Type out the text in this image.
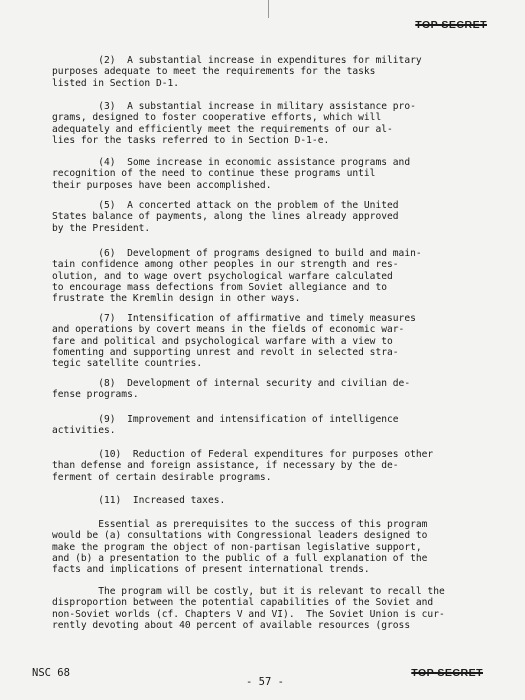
TOP SECRET

(2)  A substantial increase in expenditures for military
purposes adequate to meet the requirements for the tasks
listed in Section D-1.

(3)  A substantial increase in military assistance pro-
grams, designed to foster cooperative efforts, which will
adequately and efficiently meet the requirements of our al-
lies for the tasks referred to in Section D-1-e.

(4)  Some increase in economic assistance programs and
recognition of the need to continue these programs until
their purposes have been accomplished.

(5)  A concerted attack on the problem of the United
States balance of payments, along the lines already approved
by the President.

(6)  Development of programs designed to build and main-
tain confidence among other peoples in our strength and res-
olution, and to wage overt psychological warfare calculated
to encourage mass defections from Soviet allegiance and to
frustrate the Kremlin design in other ways.

(7)  Intensification of affirmative and timely measures
and operations by covert means in the fields of economic war-
fare and political and psychological warfare with a view to
fomenting and supporting unrest and revolt in selected stra-
tegic satellite countries.

(8)  Development of internal security and civilian de-
fense programs.

(9)  Improvement and intensification of intelligence
activities.

(10)  Reduction of Federal expenditures for purposes other
than defense and foreign assistance, if necessary by the de-
ferment of certain desirable programs.

(11)  Increased taxes.

Essential as prerequisites to the success of this program
would be (a) consultations with Congressional leaders designed to
make the program the object of non-partisan legislative support,
and (b) a presentation to the public of a full explanation of the
facts and implications of present international trends.

The program will be costly, but it is relevant to recall the
disproportion between the potential capabilities of the Soviet and
non-Soviet worlds (cf. Chapters V and VI).  The Soviet Union is cur-
rently devoting about 40 percent of available resources (gross

NSC 68
- 57 -
TOP SECRET
